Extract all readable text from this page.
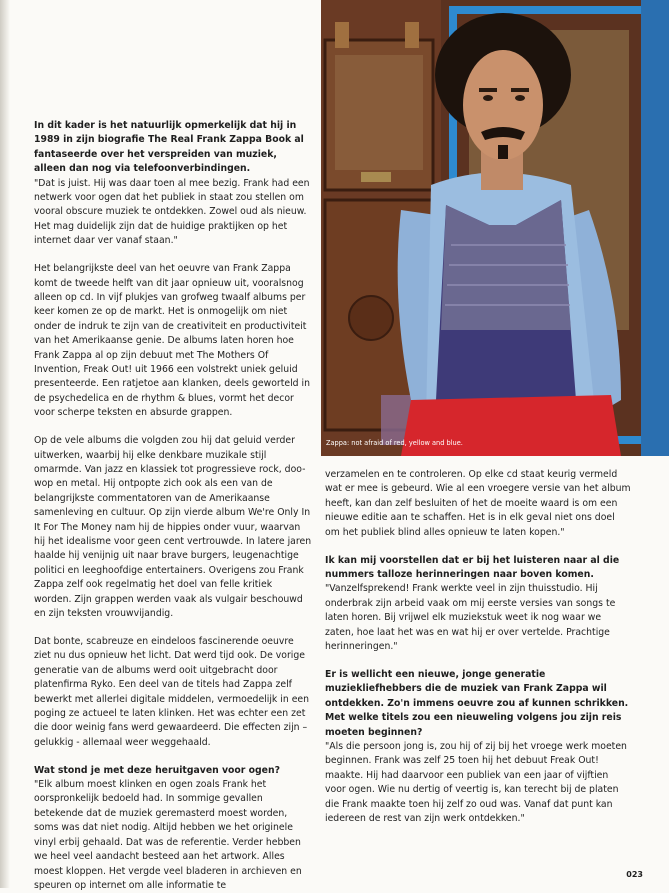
Zappa: not afraid of red, yellow and blue.

In dit kader is het natuurlijk opmerkelijk dat hij in 1989 in zijn biografie The Real Frank Zappa Book al fantaseerde over het verspreiden van muziek, alleen dan nog via telefoonverbindingen.
"Dat is juist. Hij was daar toen al mee bezig. Frank had een netwerk voor ogen dat het publiek in staat zou stellen om vooral obscure muziek te ontdekken. Zowel oud als nieuw. Het mag duidelijk zijn dat de huidige praktijken op het internet daar ver vanaf staan."

Het belangrijkste deel van het oeuvre van Frank Zappa komt de tweede helft van dit jaar opnieuw uit, vooralsnog alleen op cd. In vijf plukjes van grofweg twaalf albums per keer komen ze op de markt. Het is onmogelijk om niet onder de indruk te zijn van de creativiteit en productiviteit van het Amerikaanse genie. De albums laten horen hoe Frank Zappa al op zijn debuut met The Mothers Of Invention, Freak Out! uit 1966 een volstrekt uniek geluid presenteerde. Een ratjetoe aan klanken, deels geworteld in de psychedelica en de rhythm & blues, vormt het decor voor scherpe teksten en absurde grappen.

Op de vele albums die volgden zou hij dat geluid verder uitwerken, waarbij hij elke denkbare muzikale stijl omarmde. Van jazz en klassiek tot progressieve rock, doo-wop en metal. Hij ontpopte zich ook als een van de belangrijkste commentatoren van de Amerikaanse samenleving en cultuur. Op zijn vierde album We're Only In It For The Money nam hij de hippies onder vuur, waarvan hij het idealisme voor geen cent vertrouwde. In latere jaren haalde hij venijnig uit naar brave burgers, leugenachtige politici en leeghoofdige entertainers. Overigens zou Frank Zappa zelf ook regelmatig het doel van felle kritiek worden. Zijn grappen werden vaak als vulgair beschouwd en zijn teksten vrouwvijandig.

Dat bonte, scabreuze en eindeloos fascinerende oeuvre ziet nu dus opnieuw het licht. Dat werd tijd ook. De vorige generatie van de albums werd ooit uitgebracht door platenfirma Ryko. Een deel van de titels had Zappa zelf bewerkt met allerlei digitale middelen, vermoedelijk in een poging ze actueel te laten klinken. Het was echter een zet die door weinig fans werd gewaardeerd. Die effecten zijn – gelukkig - allemaal weer weggehaald.

Wat stond je met deze heruitgaven voor ogen?
"Elk album moest klinken en ogen zoals Frank het oorspronkelijk bedoeld had. In sommige gevallen betekende dat de muziek geremasterd moest worden, soms was dat niet nodig. Altijd hebben we het originele vinyl erbij gehaald. Dat was de referentie. Verder hebben we heel veel aandacht besteed aan het artwork. Alles moest kloppen. Het vergde veel bladeren in archieven en speuren op internet om alle informatie te

verzamelen en te controleren. Op elke cd staat keurig vermeld wat er mee is gebeurd. Wie al een vroegere versie van het album heeft, kan dan zelf besluiten of het de moeite waard is om een nieuwe editie aan te schaffen. Het is in elk geval niet ons doel om het publiek blind alles opnieuw te laten kopen."

Ik kan mij voorstellen dat er bij het luisteren naar al die nummers talloze herinneringen naar boven komen.
"Vanzelfsprekend! Frank werkte veel in zijn thuisstudio. Hij onderbrak zijn arbeid vaak om mij eerste versies van songs te laten horen. Bij vrijwel elk muziekstuk weet ik nog waar we zaten, hoe laat het was en wat hij er over vertelde. Prachtige herinneringen."

Er is wellicht een nieuwe, jonge generatie muziekliefhebbers die de muziek van Frank Zappa wil ontdekken. Zo'n immens oeuvre zou af kunnen schrikken. Met welke titels zou een nieuweling volgens jou zijn reis moeten beginnen?
"Als die persoon jong is, zou hij of zij bij het vroege werk moeten beginnen. Frank was zelf 25 toen hij het debuut Freak Out! maakte. Hij had daarvoor een publiek van een jaar of vijftien voor ogen. Wie nu dertig of veertig is, kan terecht bij de platen die Frank maakte toen hij zelf zo oud was. Vanaf dat punt kan iedereen de rest van zijn werk ontdekken."

023
